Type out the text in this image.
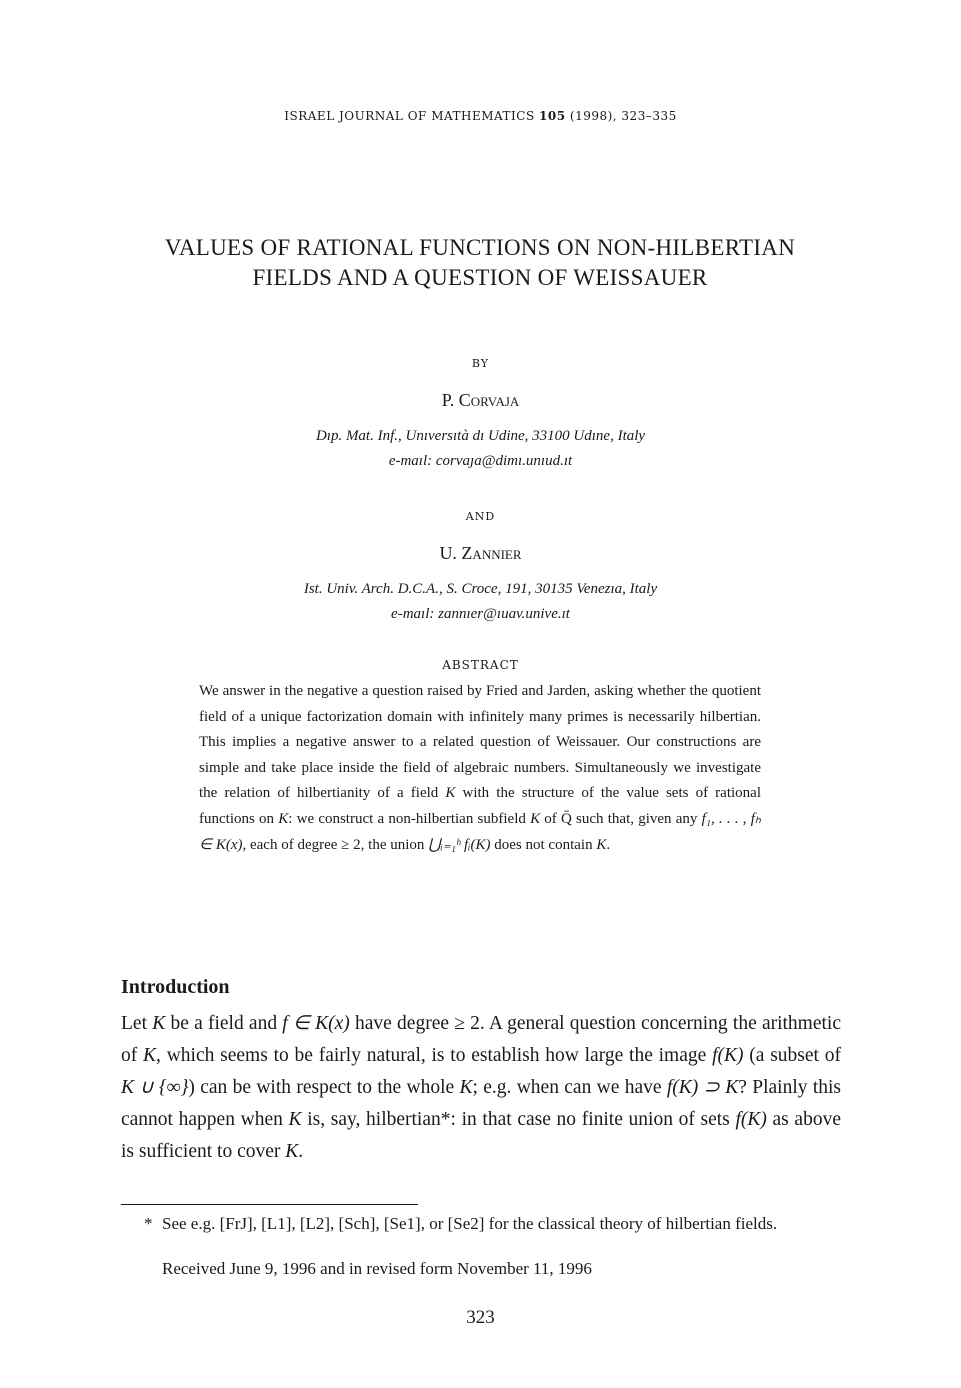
ISRAEL JOURNAL OF MATHEMATICS 105 (1998), 323–335
VALUES OF RATIONAL FUNCTIONS ON NON-HILBERTIAN
FIELDS AND A QUESTION OF WEISSAUER
BY
P. Corvaja
Dıp. Mat. Inf., Unıversıtà dı Udine, 33100 Udıne, Italy
e-maıl: corvaȷa@dimı.unıud.ıt
AND
U. Zannier
Ist. Univ. Arch. D.C.A., S. Croce, 191, 30135 Venezıa, Italy
e-maıl: zannıer@ıuav.unive.ıt
ABSTRACT

We answer in the negative a question raised by Fried and Jarden, asking whether the quotient field of a unique factorization domain with infinitely many primes is necessarily hilbertian. This implies a negative answer to a related question of Weissauer. Our constructions are simple and take place inside the field of algebraic numbers. Simultaneously we investigate the relation of hilbertianity of a field K with the structure of the value sets of rational functions on K: we construct a non-hilbertian subfield K of Q̄ such that, given any f₁, . . . , fₕ ∈ K(x), each of degree ≥ 2, the union ⋃ᵢ₌₁ʰ fᵢ(K) does not contain K.

Introduction

Let K be a field and f ∈ K(x) have degree ≥ 2. A general question concerning the arithmetic of K, which seems to be fairly natural, is to establish how large the image f(K) (a subset of K ∪ {∞}) can be with respect to the whole K; e.g. when can we have f(K) ⊃ K? Plainly this cannot happen when K is, say, hilbertian*: in that case no finite union of sets f(K) as above is sufficient to cover K.

* See e.g. [FrJ], [L1], [L2], [Sch], [Se1], or [Se2] for the classical theory of hilbertian fields.
Received June 9, 1996 and in revised form November 11, 1996
323
